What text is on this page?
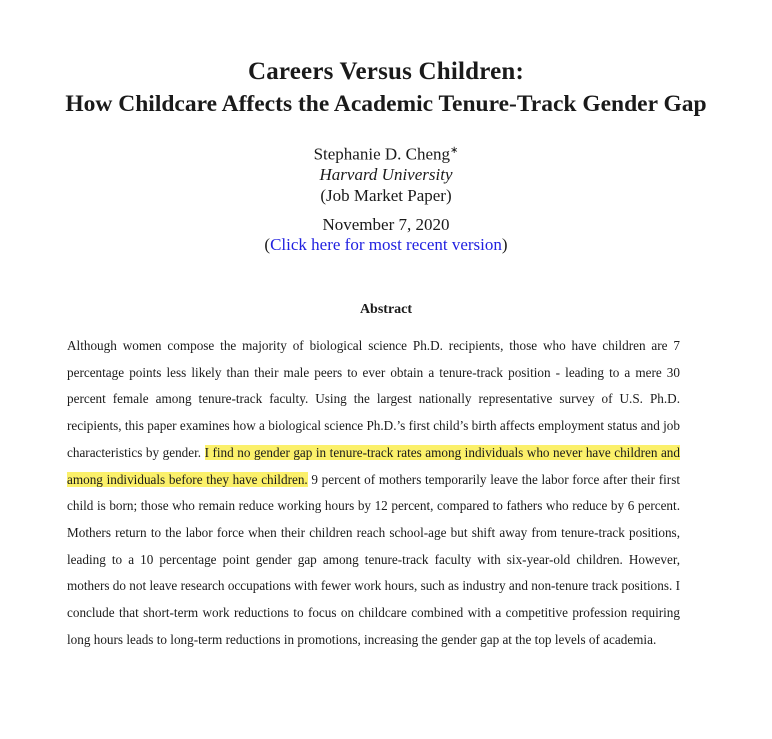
Careers Versus Children:
How Childcare Affects the Academic Tenure-Track Gender Gap
Stephanie D. Cheng∗
Harvard University
(Job Market Paper)
November 7, 2020
(Click here for most recent version)
Abstract

Although women compose the majority of biological science Ph.D. recipients, those who have children are 7 percentage points less likely than their male peers to ever obtain a tenure-track position - leading to a mere 30 percent female among tenure-track faculty. Using the largest nationally representative survey of U.S. Ph.D. recipients, this paper examines how a biological science Ph.D.’s first child’s birth affects employment status and job characteristics by gender. I find no gender gap in tenure-track rates among individuals who never have children and among individuals before they have children. 9 percent of mothers temporarily leave the labor force after their first child is born; those who remain reduce working hours by 12 percent, compared to fathers who reduce by 6 percent. Mothers return to the labor force when their children reach school-age but shift away from tenure-track positions, leading to a 10 percentage point gender gap among tenure-track faculty with six-year-old children. However, mothers do not leave research occupations with fewer work hours, such as industry and non-tenure track positions. I conclude that short-term work reductions to focus on childcare combined with a competitive profession requiring long hours leads to long-term reductions in promotions, increasing the gender gap at the top levels of academia.
